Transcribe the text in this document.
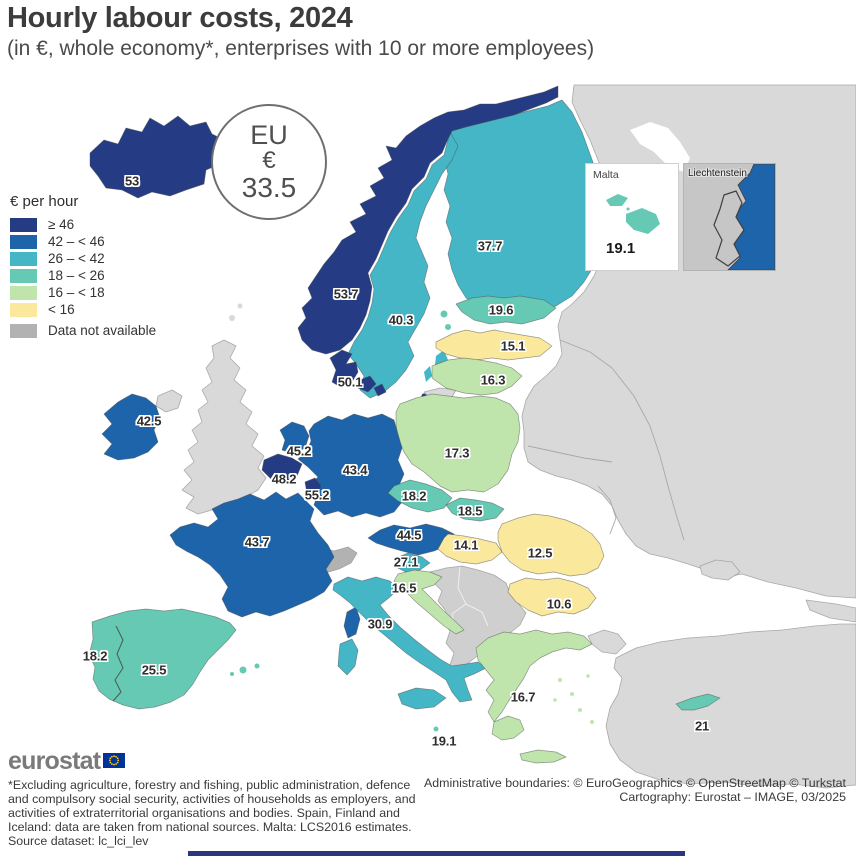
53
53.7
40.3
37.7
19.6
15.1
16.3
17.3
50.1
42.5
45.2
48.2
55.2
43.4
18.2
43.7
18.5
44.5
14.1
12.5
27.1
16.5
10.6
30.9
18.2
25.5
16.7
19.1
21
Hourly labour costs, 2024
(in €, whole economy*, enterprises with 10 or more employees)
EU
€
33.5
€ per hour
≥ 46
42 – < 46
26 – < 42
18 – < 26
16 – < 18
< 16
Data not available
Malta
19.1
Liechtenstein
eurostat
*Excluding agriculture, forestry and fishing, public administration, defence
and compulsory social security, activities of households as employers, and
activities of extraterritorial organisations and bodies. Spain, Finland and
Iceland: data are taken from national sources. Malta: LCS2016 estimates.
Source dataset: lc_lci_lev
Administrative boundaries: © EuroGeographics © OpenStreetMap © Turkstat
Cartography: Eurostat – IMAGE, 03/2025
